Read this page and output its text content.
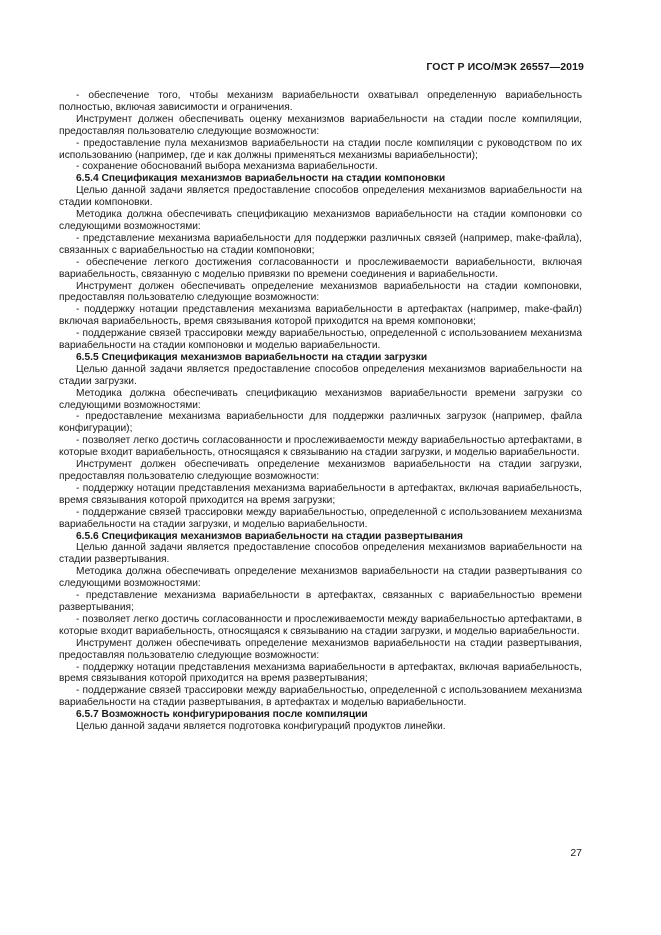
ГОСТ Р ИСО/МЭК 26557—2019

- обеспечение того, чтобы механизм вариабельности охватывал определенную вариабельность полностью, включая зависимости и ограничения.

Инструмент должен обеспечивать оценку механизмов вариабельности на стадии после компиляции, предоставляя пользователю следующие возможности:

- предоставление пула механизмов вариабельности на стадии после компиляции с руководством по их использованию (например, где и как должны применяться механизмы вариабельности);

- сохранение обоснований выбора механизма вариабельности.

6.5.4 Спецификация механизмов вариабельности на стадии компоновки

Целью данной задачи является предоставление способов определения механизмов вариабельности на стадии компоновки.

Методика должна обеспечивать спецификацию механизмов вариабельности на стадии компоновки со следующими возможностями:

- представление механизма вариабельности для поддержки различных связей (например, make-файла), связанных с вариабельностью на стадии компоновки;

- обеспечение легкого достижения согласованности и прослеживаемости вариабельности, включая вариабельность, связанную с моделью привязки по времени соединения и вариабельности.

Инструмент должен обеспечивать определение механизмов вариабельности на стадии компоновки, предоставляя пользователю следующие возможности:

- поддержку нотации представления механизма вариабельности в артефактах (например, make-файл) включая вариабельность, время связывания которой приходится на время компоновки;

- поддержание связей трассировки между вариабельностью, определенной с использованием механизма вариабельности на стадии компоновки и моделью вариабельности.

6.5.5 Спецификация механизмов вариабельности на стадии загрузки

Целью данной задачи является предоставление способов определения механизмов вариабельности на стадии загрузки.

Методика должна обеспечивать спецификацию механизмов вариабельности времени загрузки со следующими возможностями:

- предоставление механизма вариабельности для поддержки различных загрузок (например, файла конфигурации);

- позволяет легко достичь согласованности и прослеживаемости между вариабельностью артефактами, в которые входит вариабельность, относящаяся к связыванию на стадии загрузки, и моделью вариабельности.

Инструмент должен обеспечивать определение механизмов вариабельности на стадии загрузки, предоставляя пользователю следующие возможности:

- поддержку нотации представления механизма вариабельности в артефактах, включая вариабельность, время связывания которой приходится на время загрузки;

- поддержание связей трассировки между вариабельностью, определенной с использованием механизма вариабельности на стадии загрузки, и моделью вариабельности.

6.5.6 Спецификация механизмов вариабельности на стадии развертывания

Целью данной задачи является предоставление способов определения механизмов вариабельности на стадии развертывания.

Методика должна обеспечивать определение механизмов вариабельности на стадии развертывания со следующими возможностями:

- представление механизма вариабельности в артефактах, связанных с вариабельностью времени развертывания;

- позволяет легко достичь согласованности и прослеживаемости между вариабельностью артефактами, в которые входит вариабельность, относящаяся к связыванию на стадии загрузки, и моделью вариабельности.

Инструмент должен обеспечивать определение механизмов вариабельности на стадии развертывания, предоставляя пользователю следующие возможности:

- поддержку нотации представления механизма вариабельности в артефактах, включая вариабельность, время связывания которой приходится на время развертывания;

- поддержание связей трассировки между вариабельностью, определенной с использованием механизма вариабельности на стадии развертывания, в артефактах и моделью вариабельности.

6.5.7 Возможность конфигурирования после компиляции

Целью данной задачи является подготовка конфигураций продуктов линейки.

27
